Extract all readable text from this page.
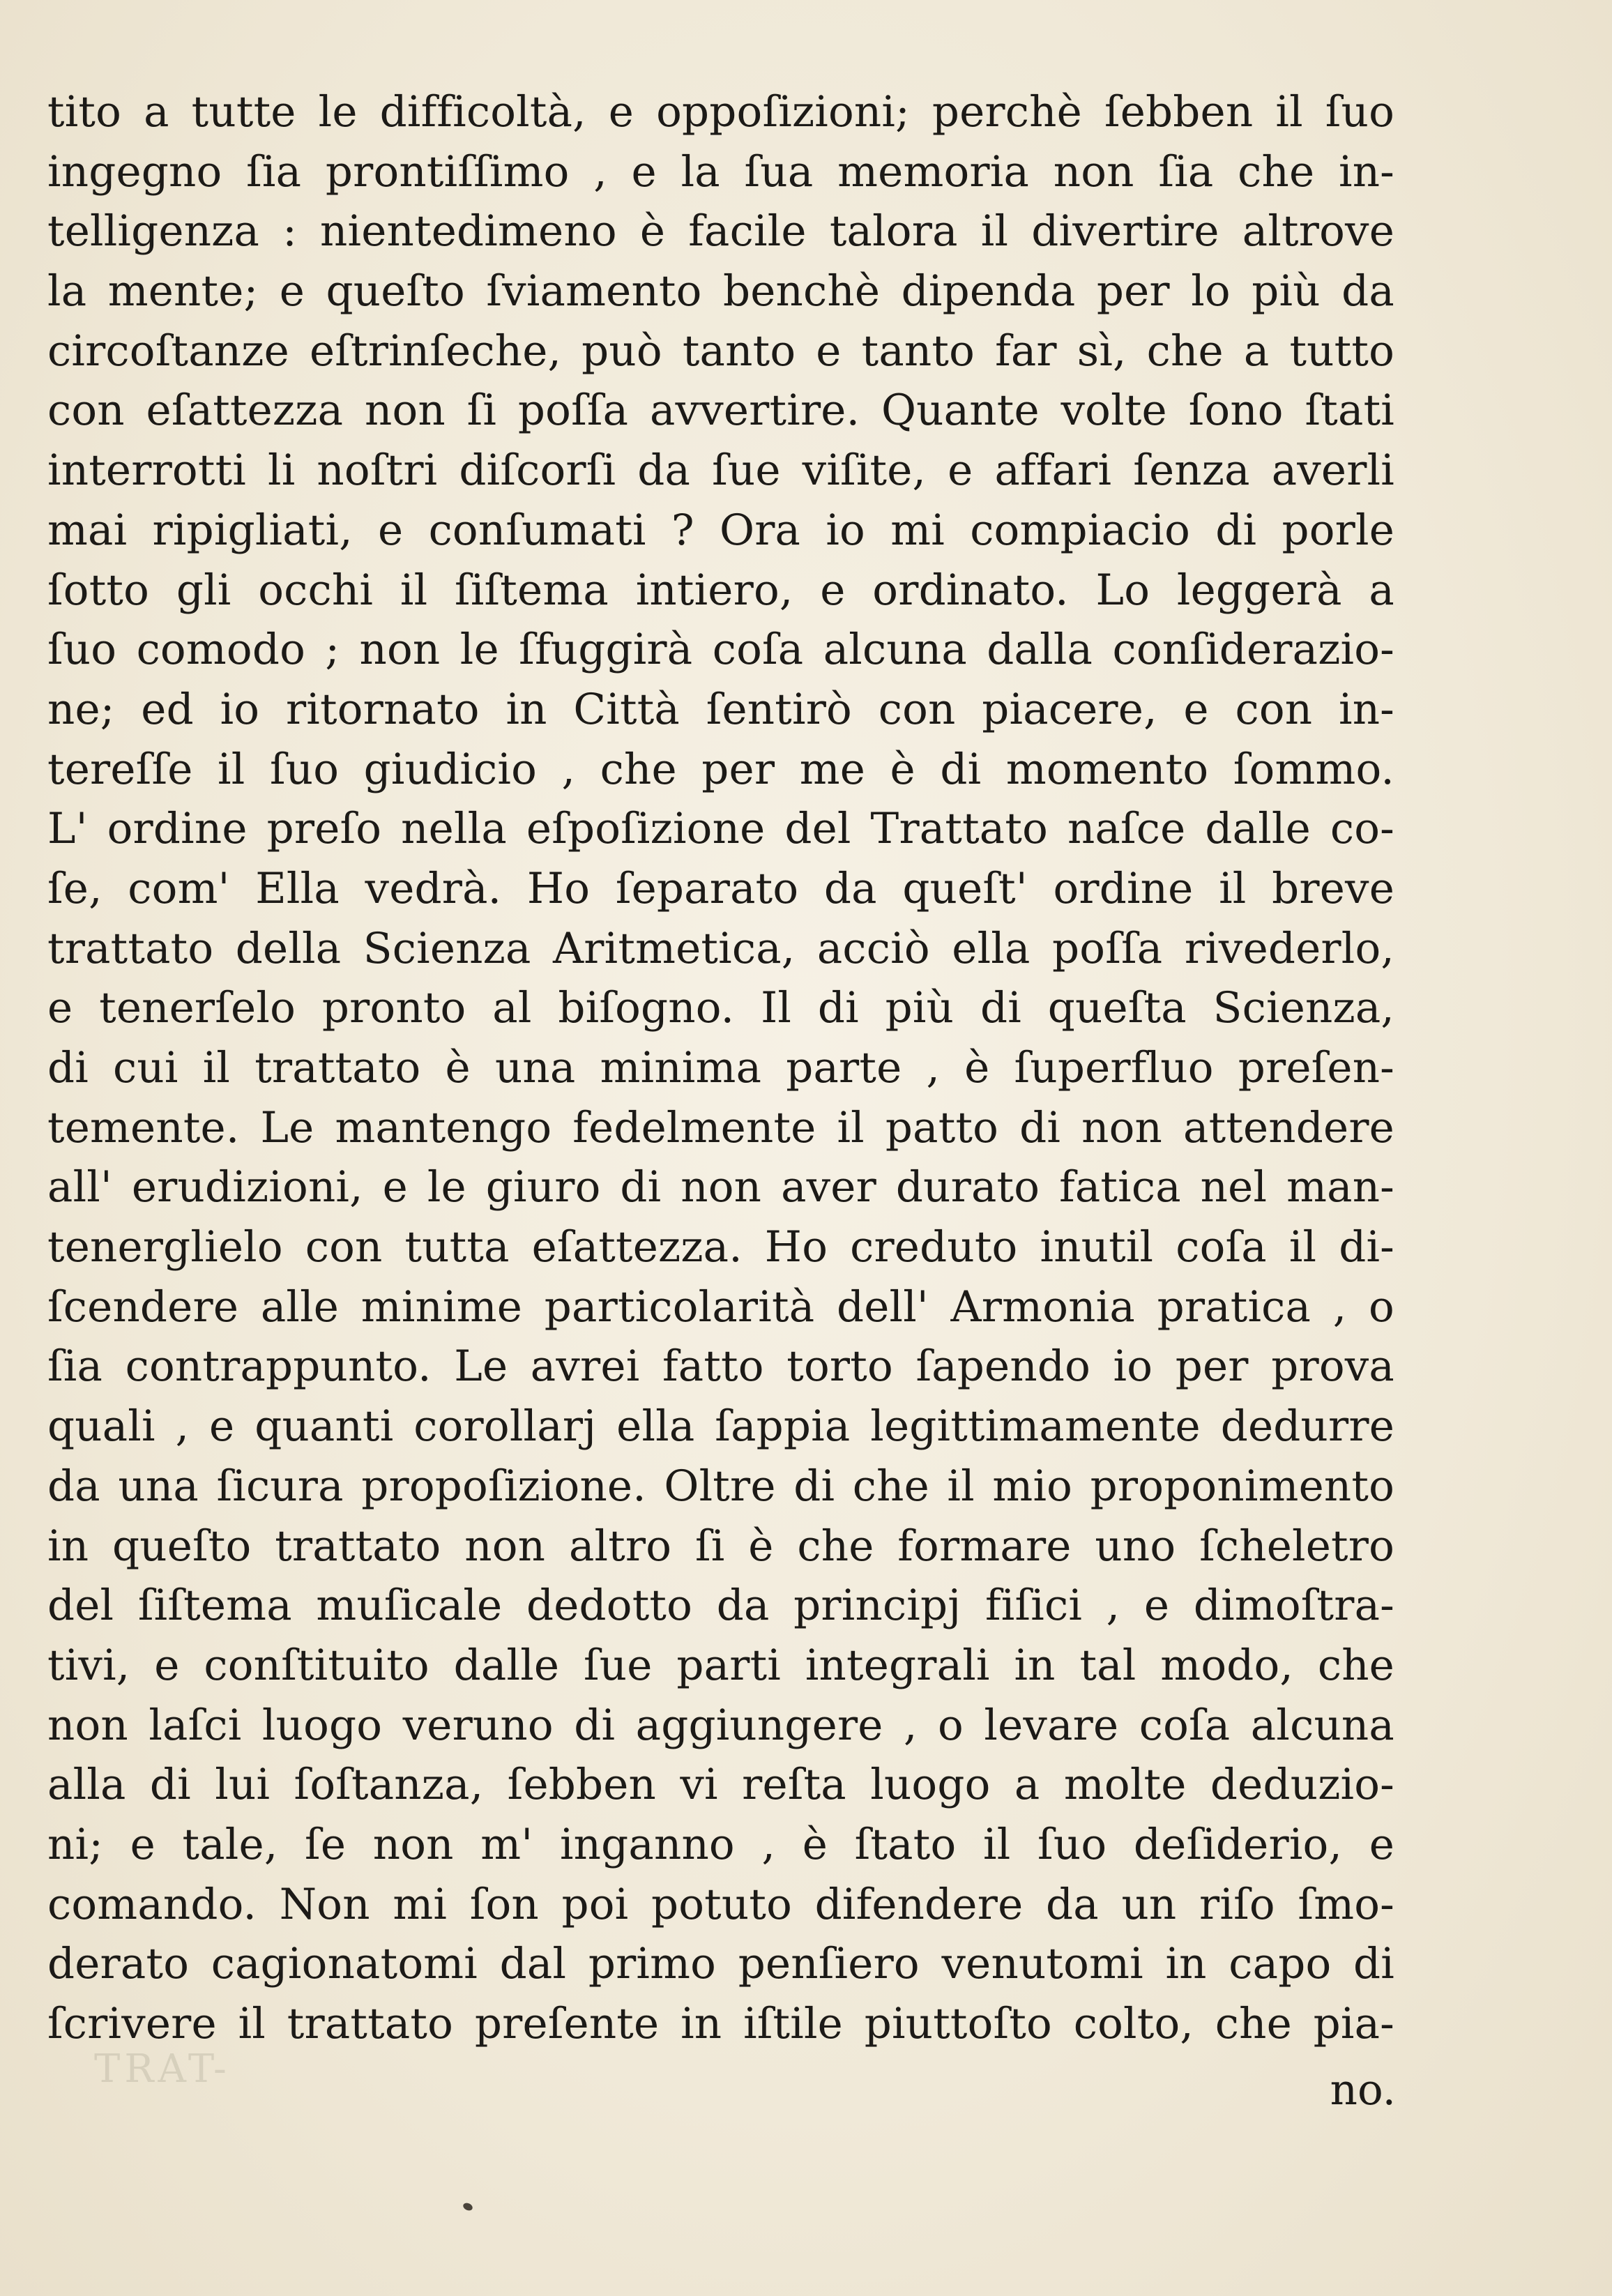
tito a tutte le difficoltà, e oppoſizioni; perchè ſebben il ſuo
ingegno ſia prontiſſimo , e la ſua memoria non ſia che in-
telligenza : nientedimeno è facile talora il divertire altrove
la mente; e queſto ſviamento benchè dipenda per lo più da
circoſtanze eſtrinſeche, può tanto e tanto far sì, che a tutto
con eſattezza non ſi poſſa avvertire. Quante volte ſono ſtati
interrotti li noſtri diſcorſi da ſue viſite, e affari ſenza averli
mai ripigliati, e conſumati ? Ora io mi compiacio di porle
ſotto gli occhi il ſiſtema intiero, e ordinato. Lo leggerà a
ſuo comodo ; non le ſfuggirà coſa alcuna dalla conſiderazio-
ne; ed io ritornato in Città ſentirò con piacere, e con in-
tereſſe il ſuo giudicio , che per me è di momento ſommo.
L' ordine preſo nella eſpoſizione del Trattato naſce dalle co-
ſe, com' Ella vedrà. Ho ſeparato da queſt' ordine il breve
trattato della Scienza Aritmetica, acciò ella poſſa rivederlo,
e tenerſelo pronto al biſogno. Il di più di queſta Scienza,
di cui il trattato è una minima parte , è ſuperfluo preſen-
temente. Le mantengo fedelmente il patto di non attendere
all' erudizioni, e le giuro di non aver durato fatica nel man-
tenerglielo con tutta eſattezza. Ho creduto inutil coſa il di-
ſcendere alle minime particolarità dell' Armonia pratica , o
ſia contrappunto. Le avrei fatto torto ſapendo io per prova
quali , e quanti corollarj ella ſappia legittimamente dedurre
da una ſicura propoſizione. Oltre di che il mio proponimento
in queſto trattato non altro ſi è che formare uno ſcheletro
del ſiſtema muſicale dedotto da principj fiſici , e dimoſtra-
tivi, e conſtituito dalle ſue parti integrali in tal modo, che
non laſci luogo veruno di aggiungere , o levare coſa alcuna
alla di lui ſoſtanza, ſebben vi reſta luogo a molte deduzio-
ni; e tale, ſe non m' inganno , è ſtato il ſuo deſiderio, e
comando. Non mi ſon poi potuto difendere da un riſo ſmo-
derato cagionatomi dal primo penſiero venutomi in capo di
ſcrivere il trattato preſente in iſtile piuttoſto colto, che pia-
no.
TRAT-
